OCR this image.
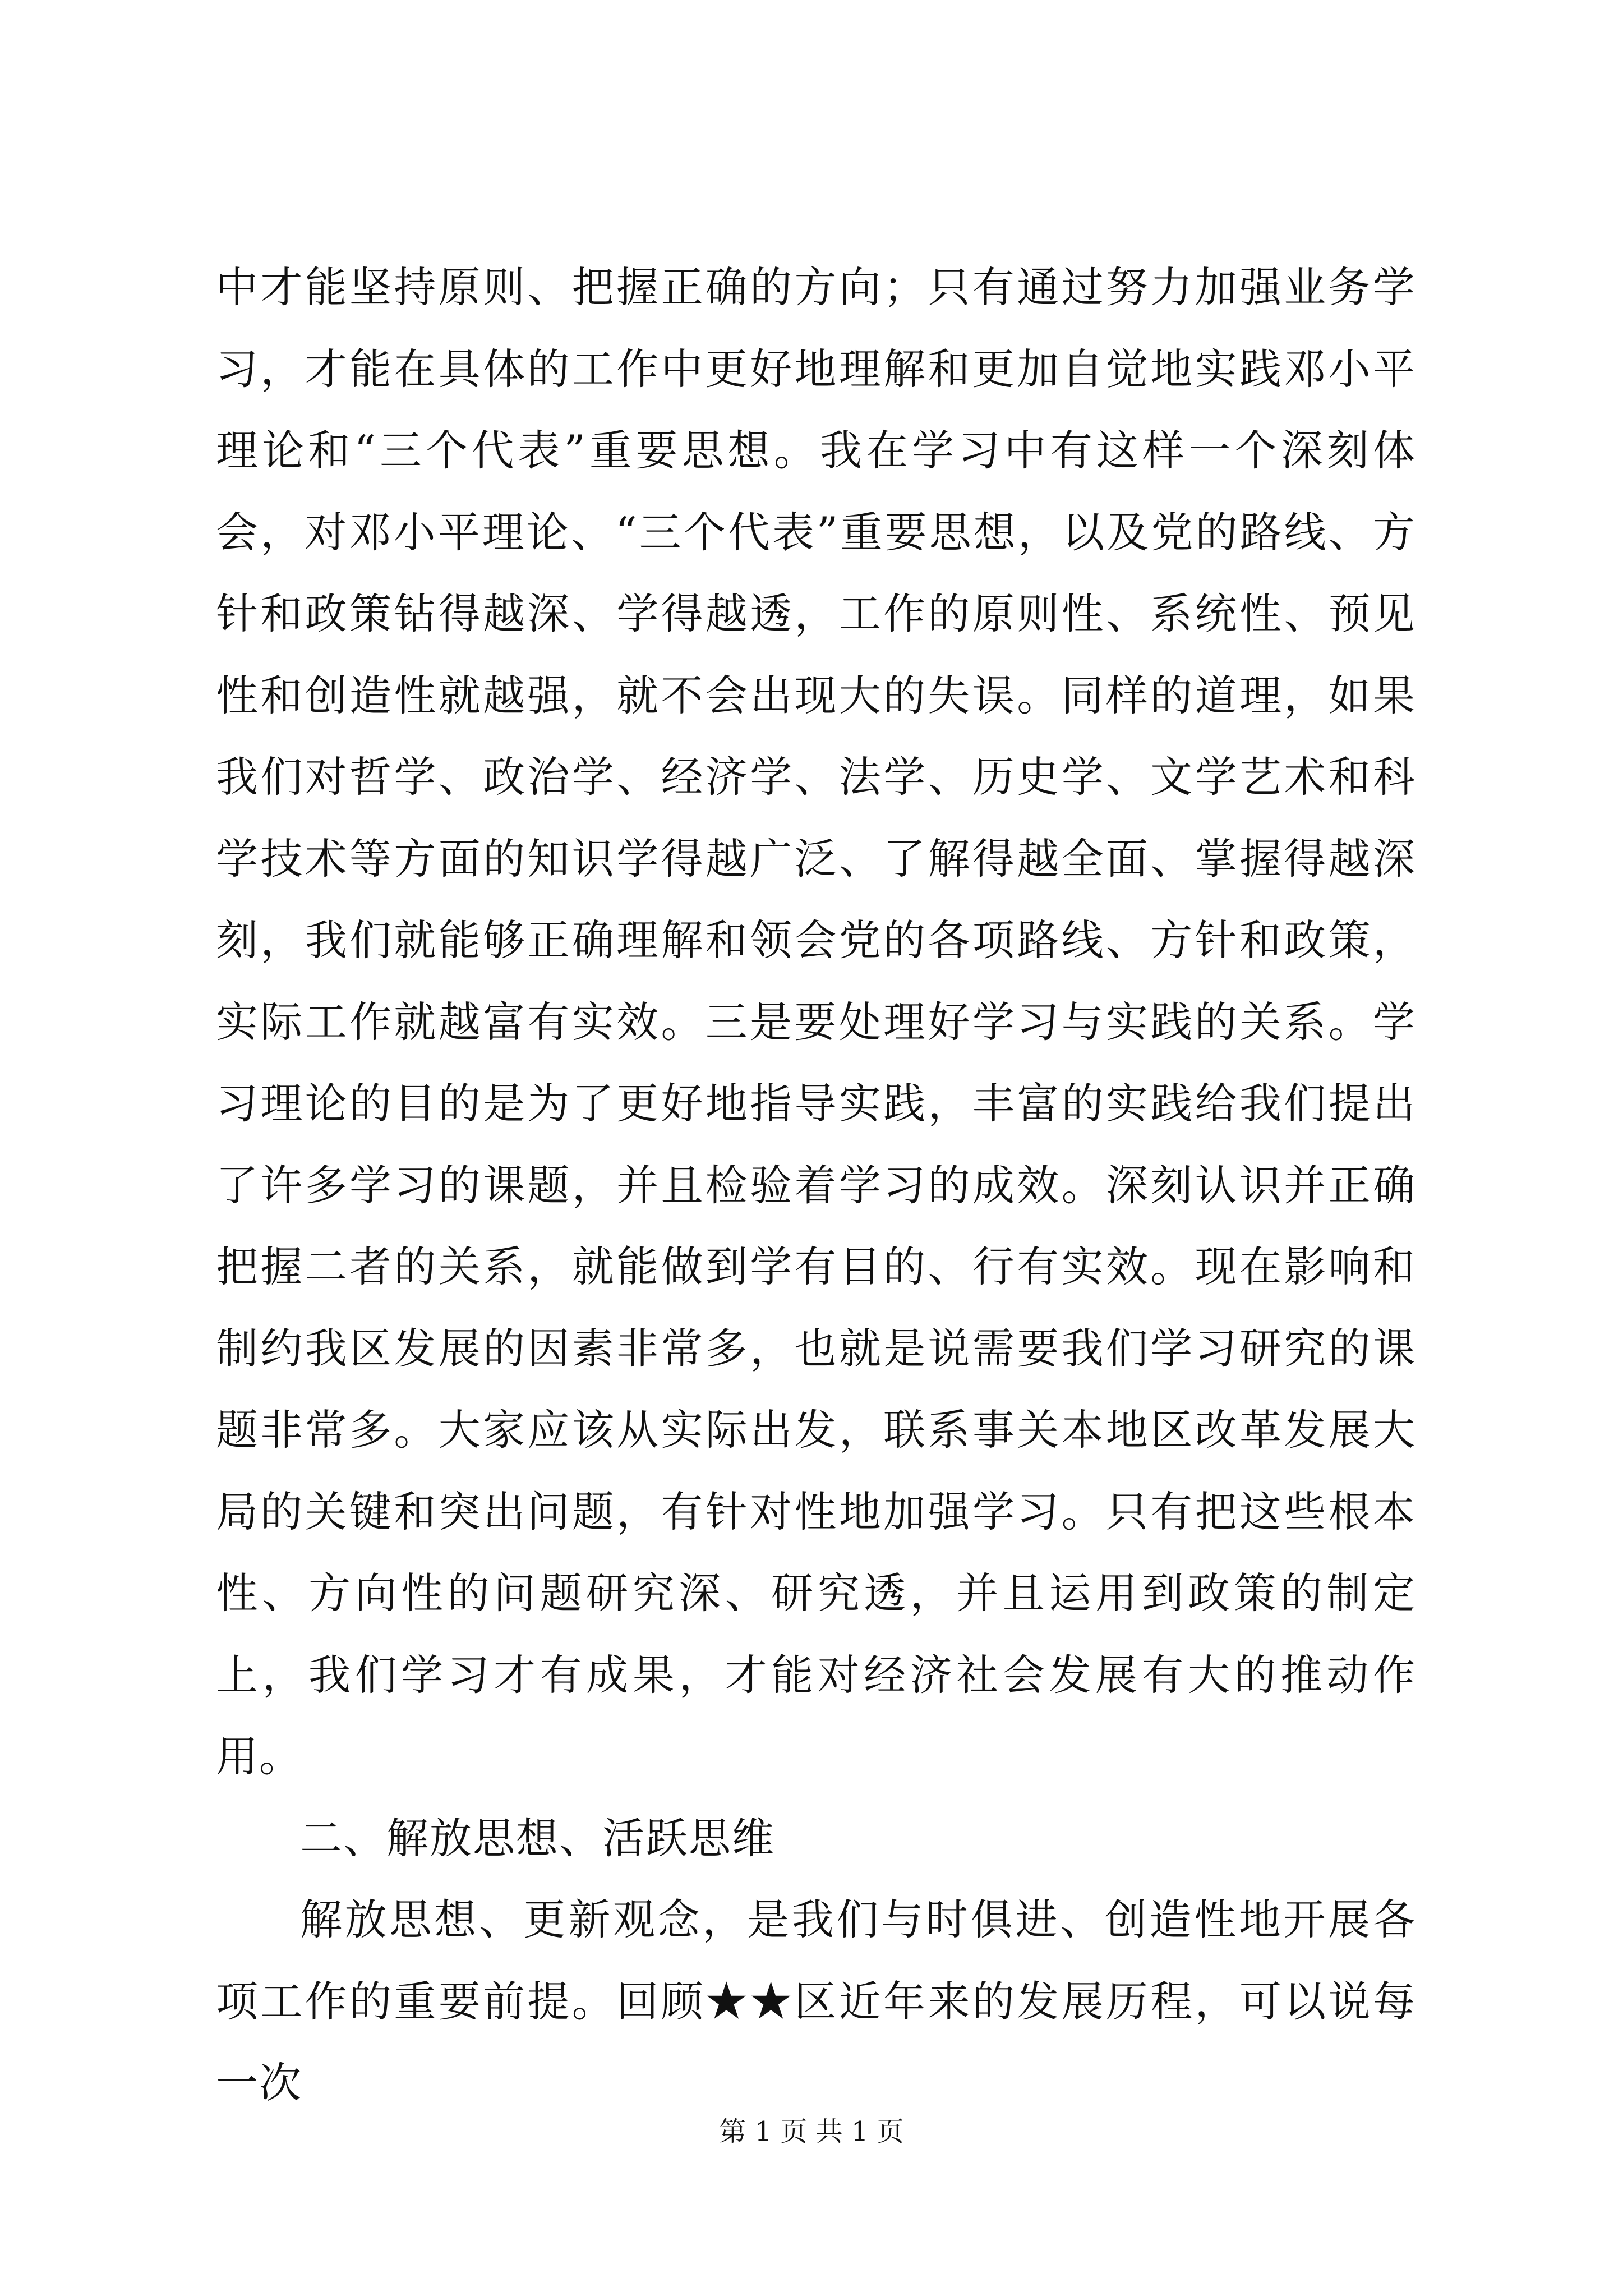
中才能坚持原则、把握正确的方向；只有通过努力加强业务学习，才能在具体的工作中更好地理解和更加自觉地实践邓小平理论和“三个代表”重要思想。我在学习中有这样一个深刻体会，对邓小平理论、“三个代表”重要思想，以及党的路线、方针和政策钻得越深、学得越透，工作的原则性、系统性、预见性和创造性就越强，就不会出现大的失误。同样的道理，如果我们对哲学、政治学、经济学、法学、历史学、文学艺术和科学技术等方面的知识学得越广泛、了解得越全面、掌握得越深刻，我们就能够正确理解和领会党的各项路线、方针和政策，实际工作就越富有实效。三是要处理好学习与实践的关系。学习理论的目的是为了更好地指导实践，丰富的实践给我们提出了许多学习的课题，并且检验着学习的成效。深刻认识并正确把握二者的关系，就能做到学有目的、行有实效。现在影响和制约我区发展的因素非常多，也就是说需要我们学习研究的课题非常多。大家应该从实际出发，联系事关本地区改革发展大局的关键和突出问题，有针对性地加强学习。只有把这些根本性、方向性的问题研究深、研究透，并且运用到政策的制定上，我们学习才有成果，才能对经济社会发展有大的推动作用。

二、解放思想、活跃思维

解放思想、更新观念，是我们与时俱进、创造性地开展各项工作的重要前提。回顾★★区近年来的发展历程，可以说每一次

第 1 页 共 1 页
